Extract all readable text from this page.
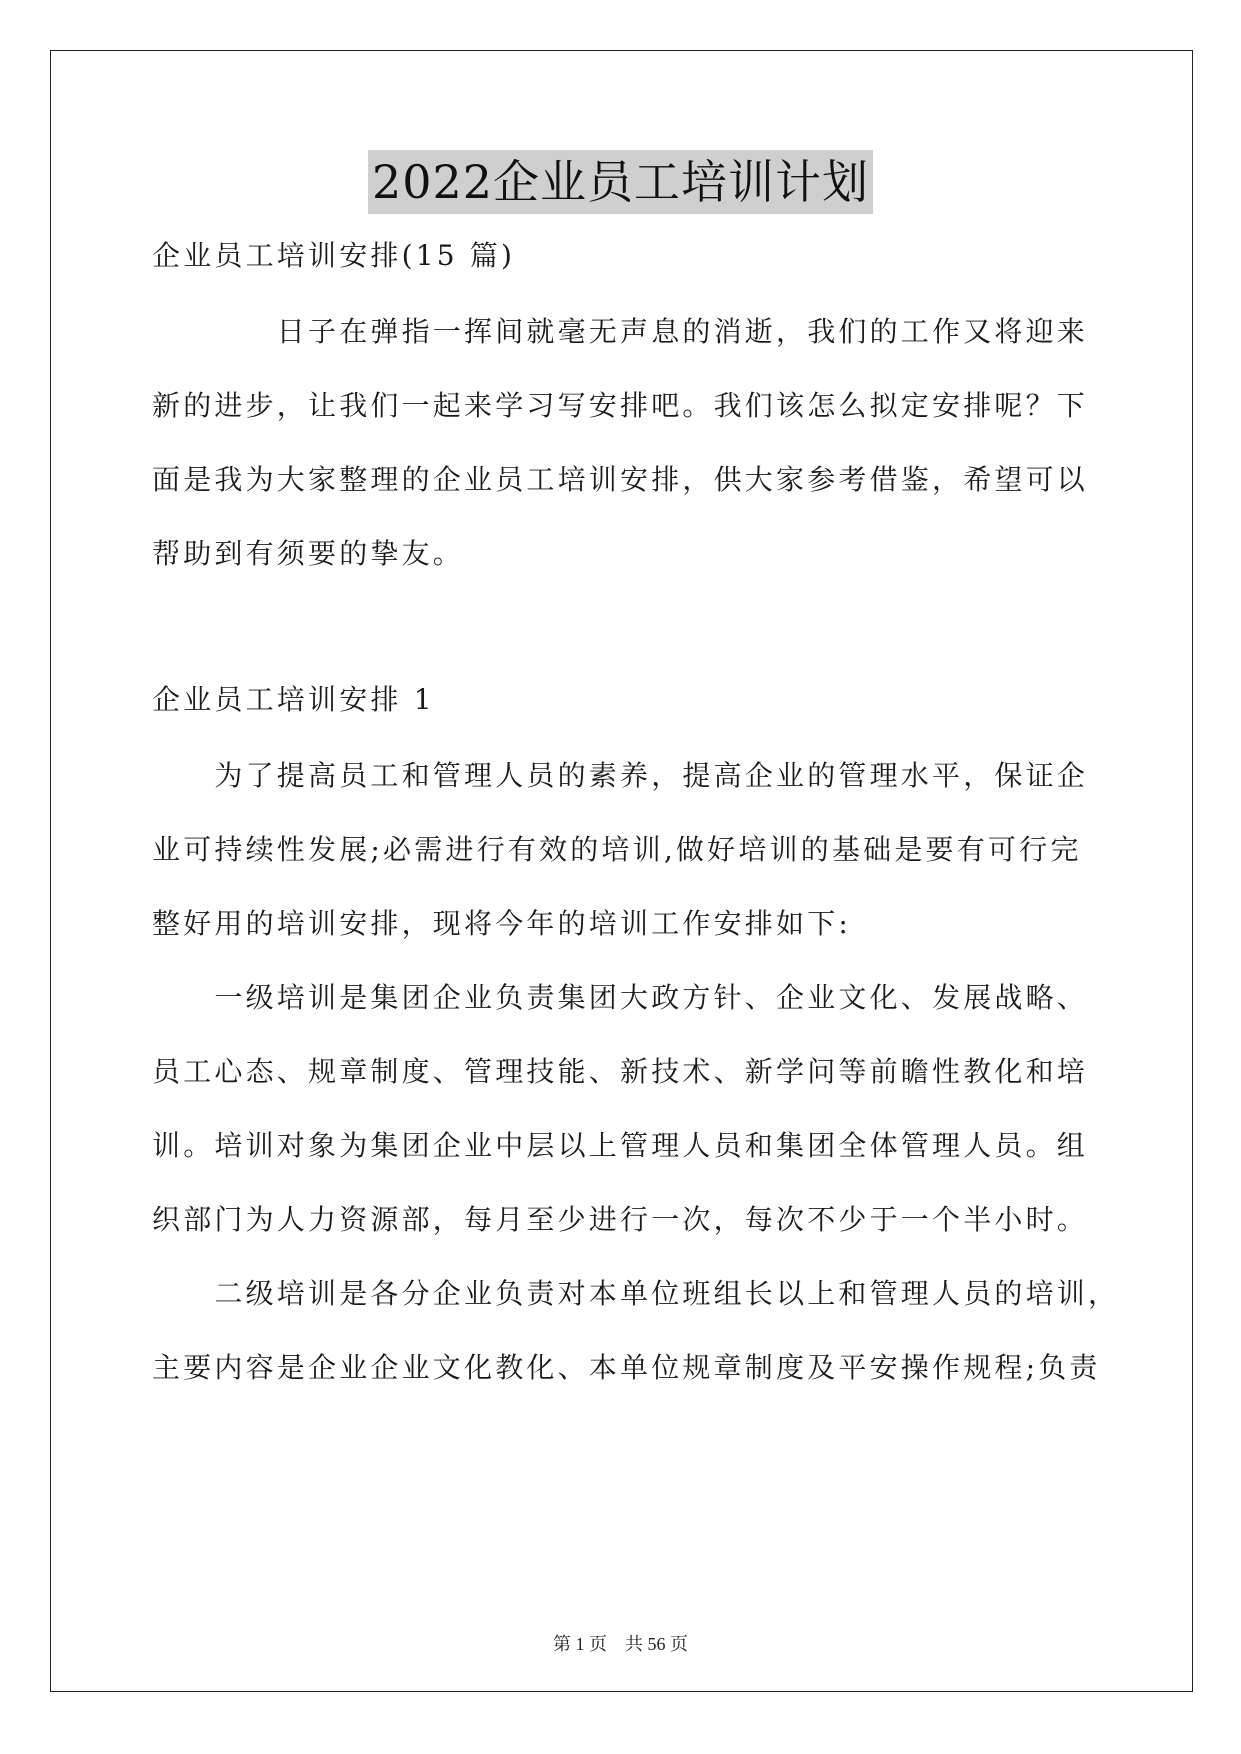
2022企业员工培训计划
企业员工培训安排(15 篇)
　　　　日子在弹指一挥间就毫无声息的消逝，我们的工作又将迎来
新的进步，让我们一起来学习写安排吧。我们该怎么拟定安排呢？下
面是我为大家整理的企业员工培训安排，供大家参考借鉴，希望可以
帮助到有须要的挚友。
企业员工培训安排 1
　　为了提高员工和管理人员的素养，提高企业的管理水平，保证企
业可持续性发展;必需进行有效的培训,做好培训的基础是要有可行完
整好用的培训安排，现将今年的培训工作安排如下:
　　一级培训是集团企业负责集团大政方针、企业文化、发展战略、
员工心态、规章制度、管理技能、新技术、新学问等前瞻性教化和培
训。培训对象为集团企业中层以上管理人员和集团全体管理人员。组
织部门为人力资源部，每月至少进行一次，每次不少于一个半小时。
　　二级培训是各分企业负责对本单位班组长以上和管理人员的培训，
主要内容是企业企业文化教化、本单位规章制度及平安操作规程;负责
第 1 页　共 56 页
